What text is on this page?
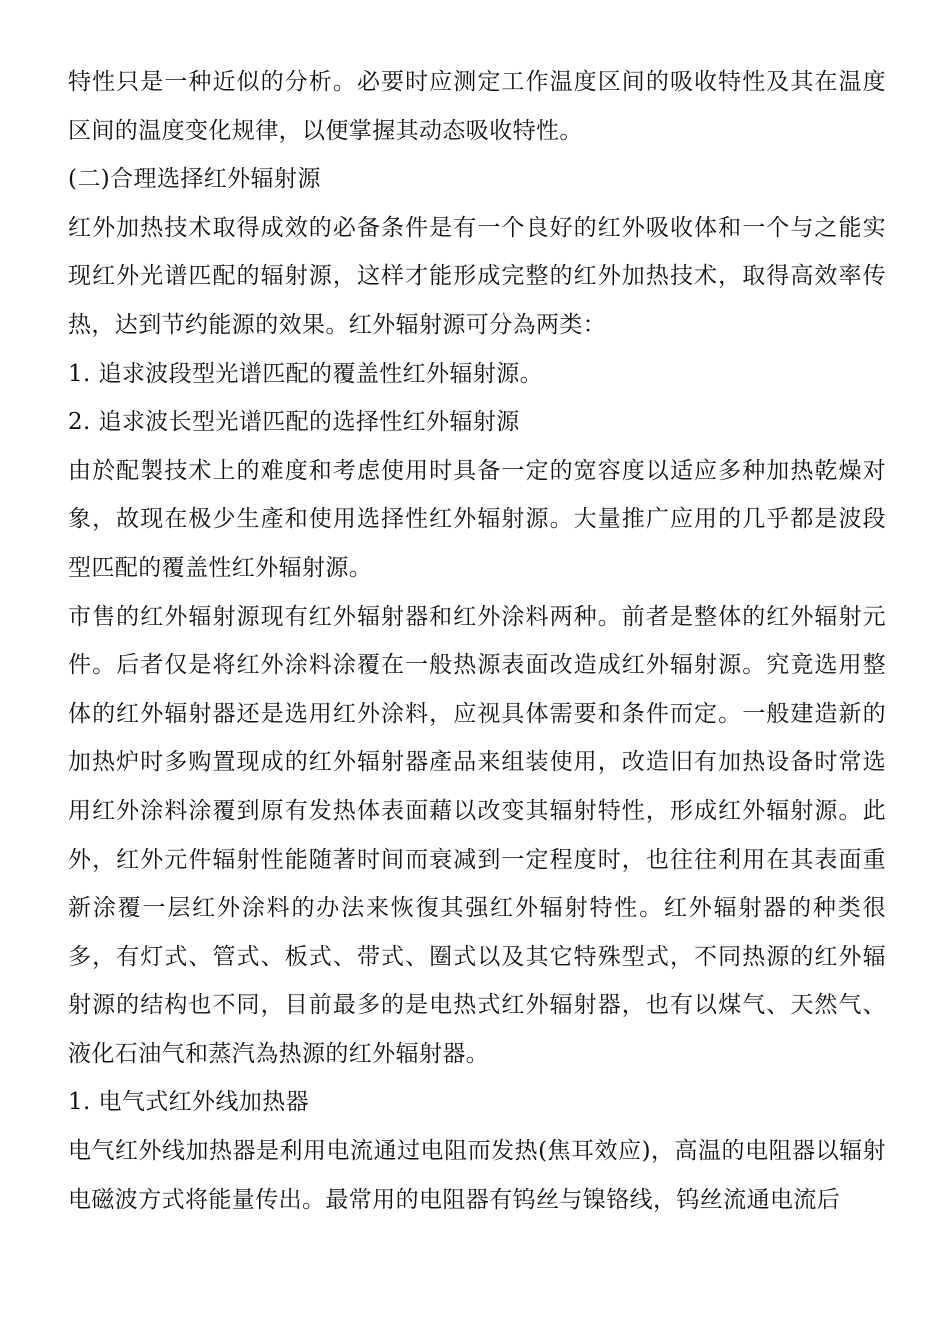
特性只是一种近似的分析。必要时应测定工作温度区间的吸收特性及其在温度区间的温度变化规律，以便掌握其动态吸收特性。

(二)合理选择红外辐射源

红外加热技术取得成效的必备条件是有一个良好的红外吸收体和一个与之能实现红外光谱匹配的辐射源，这样才能形成完整的红外加热技术，取得高效率传热，达到节约能源的效果。红外辐射源可分為两类：

1. 追求波段型光谱匹配的覆盖性红外辐射源。

2. 追求波长型光谱匹配的选择性红外辐射源

由於配製技术上的难度和考虑使用时具备一定的宽容度以适应多种加热乾燥对象，故现在极少生產和使用选择性红外辐射源。大量推广应用的几乎都是波段型匹配的覆盖性红外辐射源。

市售的红外辐射源现有红外辐射器和红外涂料两种。前者是整体的红外辐射元件。后者仅是将红外涂料涂覆在一般热源表面改造成红外辐射源。究竟选用整体的红外辐射器还是选用红外涂料，应视具体需要和条件而定。一般建造新的加热炉时多购置现成的红外辐射器產品来组装使用，改造旧有加热设备时常选用红外涂料涂覆到原有发热体表面藉以改变其辐射特性，形成红外辐射源。此外，红外元件辐射性能随著时间而衰减到一定程度时，也往往利用在其表面重新涂覆一层红外涂料的办法来恢復其强红外辐射特性。红外辐射器的种类很多，有灯式、管式、板式、带式、圈式以及其它特殊型式，不同热源的红外辐射源的结构也不同，目前最多的是电热式红外辐射器，也有以煤气、天然气、液化石油气和蒸汽為热源的红外辐射器。

1. 电气式红外线加热器

电气红外线加热器是利用电流通过电阻而发热(焦耳效应)，高温的电阻器以辐射电磁波方式将能量传出。最常用的电阻器有钨丝与镍铬线，钨丝流通电流后
